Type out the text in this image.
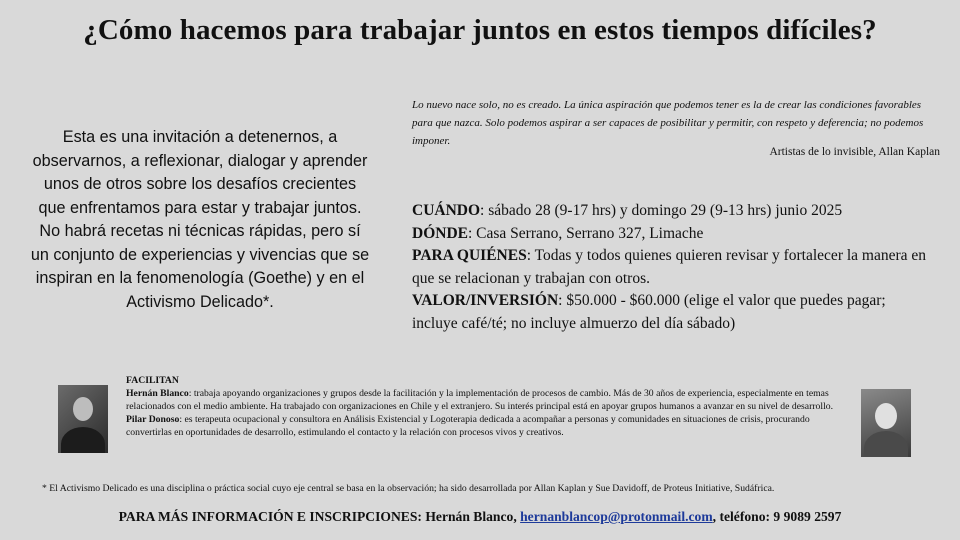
¿Cómo hacemos para trabajar juntos en estos tiempos difíciles?
Esta es una invitación a detenernos, a observarnos, a reflexionar, dialogar y aprender unos de otros sobre los desafíos crecientes que enfrentamos para estar y trabajar juntos. No habrá recetas ni técnicas rápidas, pero sí un conjunto de experiencias y vivencias que se inspiran en la fenomenología (Goethe) y en el Activismo Delicado*.
Lo nuevo nace solo, no es creado. La única aspiración que podemos tener es la de crear las condiciones favorables para que nazca. Solo podemos aspirar a ser capaces de posibilitar y permitir, con respeto y deferencia; no podemos imponer.
Artistas de lo invisible, Allan Kaplan
CUÁNDO: sábado 28 (9-17 hrs) y domingo 29 (9-13 hrs) junio 2025
DÓNDE: Casa Serrano, Serrano 327, Limache
PARA QUIÉNES: Todas y todos quienes quieren revisar y fortalecer la manera en que se relacionan y trabajan con otros.
VALOR/INVERSIÓN: $50.000 - $60.000 (elige el valor que puedes pagar; incluye café/té; no incluye almuerzo del día sábado)
FACILITAN
Hernán Blanco: trabaja apoyando organizaciones y grupos desde la facilitación y la implementación de procesos de cambio. Más de 30 años de experiencia, especialmente en temas relacionados con el medio ambiente. Ha trabajado con organizaciones en Chile y el extranjero. Su interés principal está en apoyar grupos humanos a avanzar en su nivel de desarrollo.
Pilar Donoso: es terapeuta ocupacional y consultora en Análisis Existencial y Logoterapia dedicada a acompañar a personas y comunidades en situaciones de crisis, procurando convertirlas en oportunidades de desarrollo, estimulando el contacto y la relación con procesos vivos y creativos.
* El Activismo Delicado es una disciplina o práctica social cuyo eje central se basa en la observación; ha sido desarrollada por Allan Kaplan y Sue Davidoff, de Proteus Initiative, Sudáfrica.
PARA MÁS INFORMACIÓN E INSCRIPCIONES: Hernán Blanco, hernanblancop@protonmail.com, teléfono: 9 9089 2597
